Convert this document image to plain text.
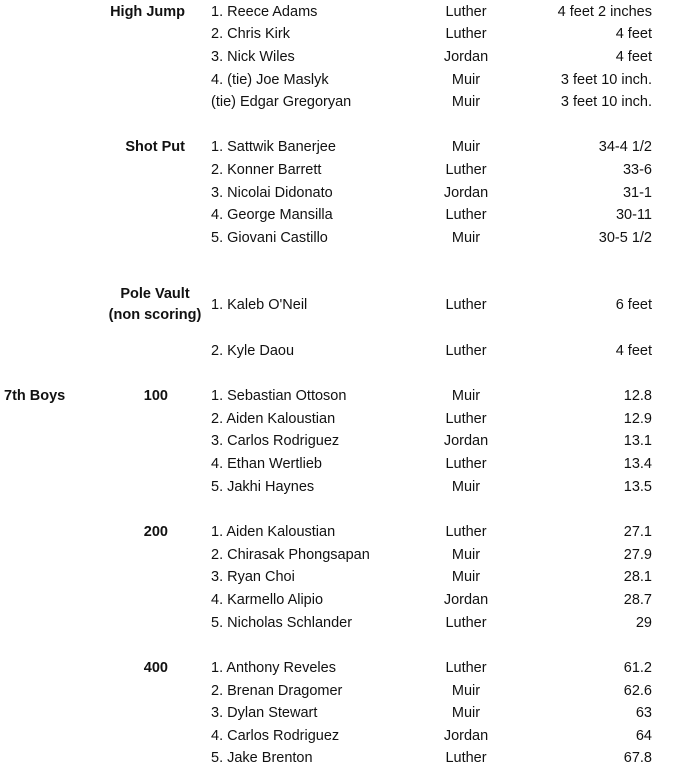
High Jump 1. Reece Adams	Luther	4 feet 2 inches
2. Chris Kirk	Luther	4 feet
3. Nick Wiles	Jordan	4 feet
4. (tie) Joe Maslyk	Muir	3 feet 10 inch.
(tie) Edgar Gregoryan	Muir	3 feet 10 inch.
Shot Put 1. Sattwik Banerjee	Muir	34-4 1/2
2. Konner Barrett	Luther	33-6
3. Nicolai Didonato	Jordan	31-1
4. George Mansilla	Luther	30-11
5. Giovani Castillo	Muir	30-5 1/2
Pole Vault
(non scoring)
1. Kaleb O'Neil	Luther	6 feet
2. Kyle Daou	Luther	4 feet
7th Boys	100	1. Sebastian Ottoson	Muir	12.8
2. Aiden Kaloustian	Luther	12.9
3. Carlos Rodriguez	Jordan	13.1
4. Ethan Wertlieb	Luther	13.4
5. Jakhi Haynes	Muir	13.5
200	1. Aiden Kaloustian	Luther	27.1
2. Chirasak Phongsapan	Muir	27.9
3. Ryan Choi	Muir	28.1
4. Karmello Alipio	Jordan	28.7
5. Nicholas Schlander	Luther	29
400	1. Anthony Reveles	Luther	61.2
2. Brenan Dragomer	Muir	62.6
3. Dylan Stewart	Muir	63
4. Carlos Rodriguez	Jordan	64
5. Jake Brenton	Luther	67.8
